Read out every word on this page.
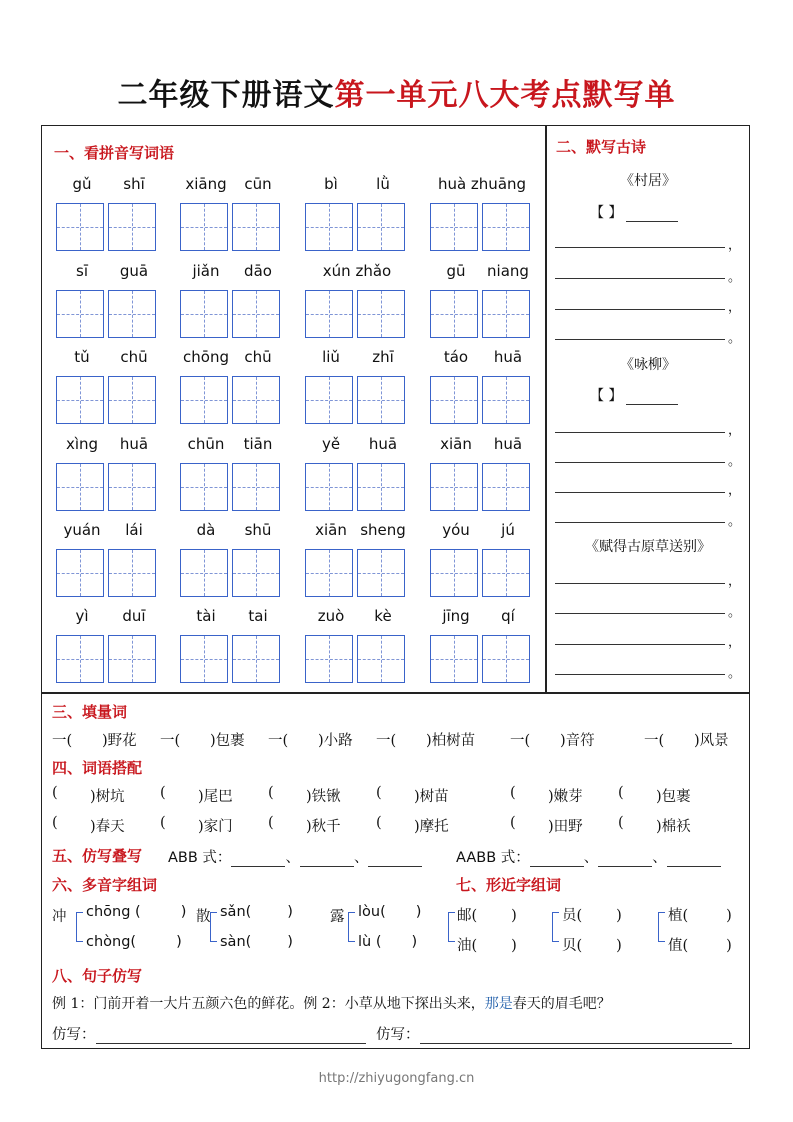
二年级下册语文第一单元八大考点默写单
一、看拼音写词语
gǔ	shī	xiāng	cūn	bì	lǜ	huà zhuāng
sī	guā	jiǎn	dāo	xún zhǎo	gū	niang
tǔ	chū	chōng	chū	liǔ	zhī	táo	huā
xìng	huā	chūn	tiān	yě	huā	xiān	huā
yuán	lái	dà	shū	xiān sheng	yóu	jú
yì	duī	tài	tai	zuò	kè	jīng	qí
二、默写古诗
《村居》
【 】
，
。
，
。
《咏柳》
【 】
，
。
，
。
《赋得古原草送别》
，
。
，
。
三、填量词
一( )野花 一( )包裹 一( )小路 一( )柏树苗 一( )音符	一( )风景
四、词语搭配
( )树坑 ( )尾巴 ( )铁锹 ( )树苗	( )嫩芽 ( )包裹
( )春天 ( )家门 ( )秋千 ( )摩托	( )田野 ( )棉袄
五、仿写叠写 ABB 式：	、	、	AABB 式：	、	、
六、多音字组词	七、形近字组词
冲 chōng (	)
chòng(	)
散 sǎn( )
sàn( )
露 lòu( )
lù ( )
邮( )
油( )
员( )
贝( )
植(	)
值(	)
八、句子仿写
例 1：门前开着一大片五颜六色的鲜花。例 2：小草从地下探出头来，那是春天的眉毛吧？
仿写：	仿写：
http://zhiyugongfang.cn
